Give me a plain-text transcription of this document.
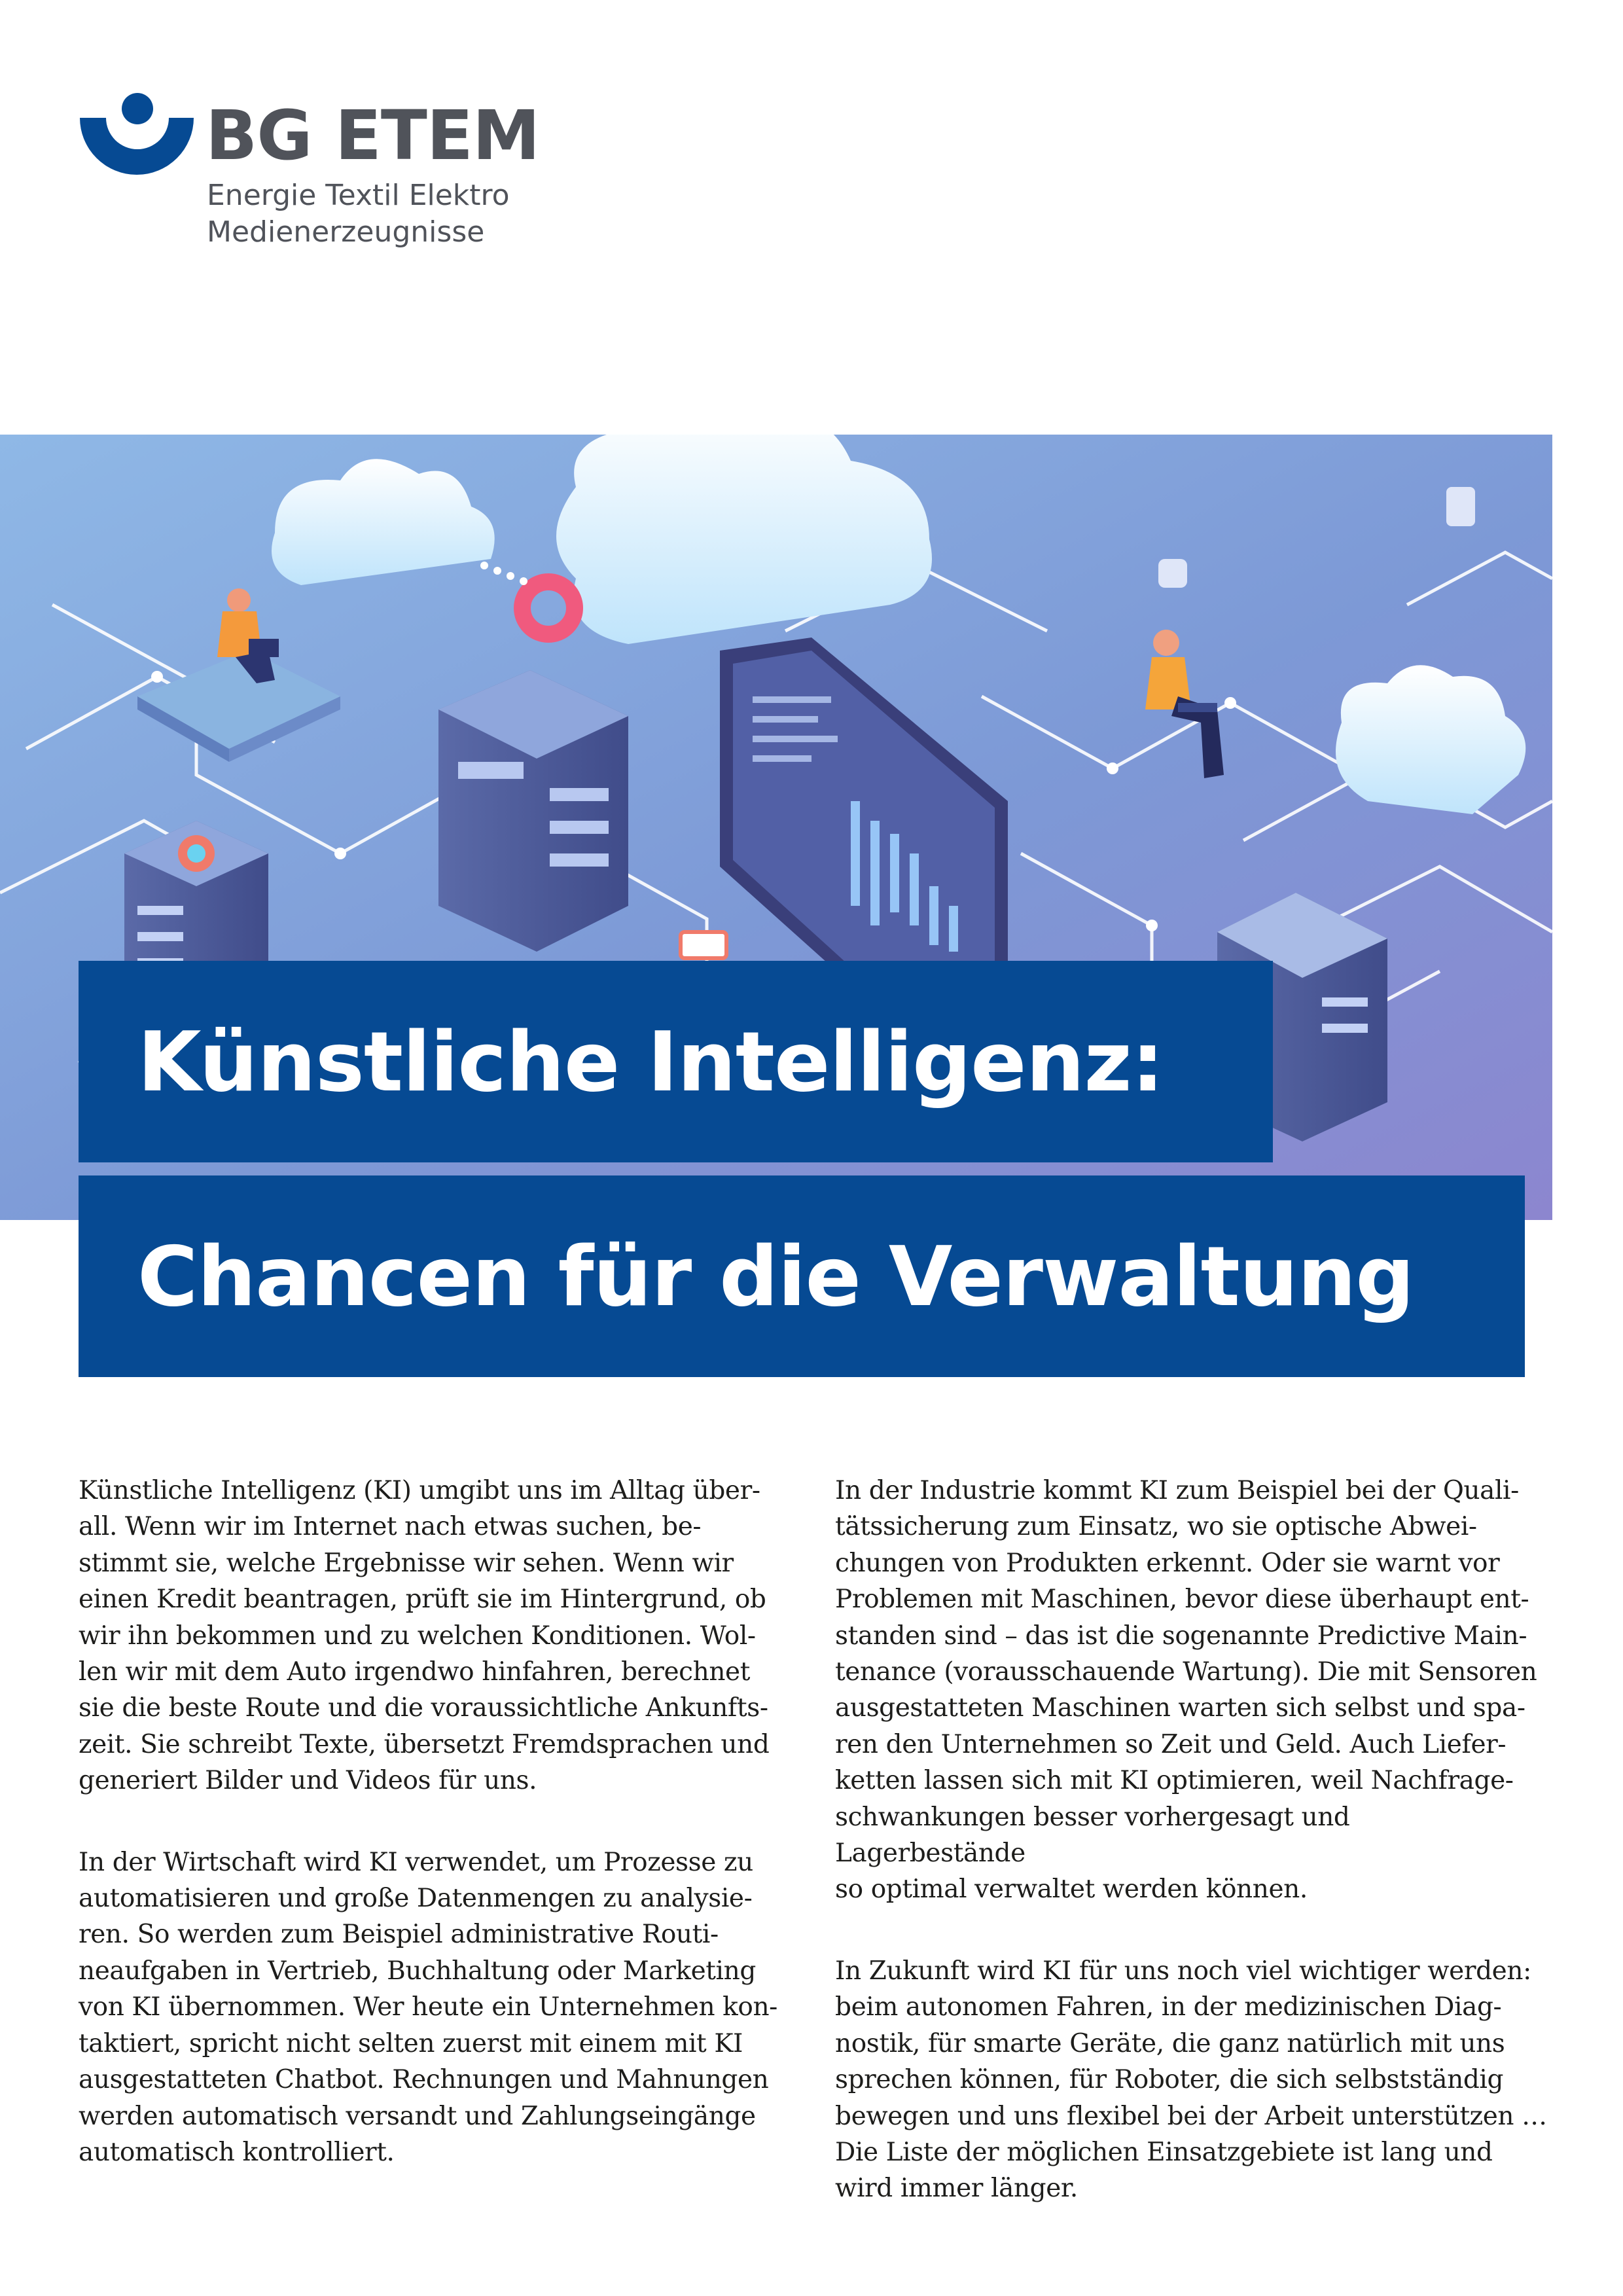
BG ETEM

Energie Textil Elektro

Medienerzeugnisse

Künstliche Intelligenz:
Chancen für die Verwaltung

Künstliche Intelligenz (KI) umgibt uns im Alltag über-
all. Wenn wir im Internet nach etwas suchen, be-
stimmt sie, welche Ergebnisse wir sehen. Wenn wir
einen Kredit beantragen, prüft sie im Hintergrund, ob
wir ihn bekommen und zu welchen Konditionen. Wol-
len wir mit dem Auto irgendwo hinfahren, berechnet
sie die beste Route und die voraussichtliche Ankunfts-
zeit. Sie schreibt Texte, übersetzt Fremdsprachen und
generiert Bilder und Videos für uns.

In der Wirtschaft wird KI verwendet, um Prozesse zu
automatisieren und große Datenmengen zu analysie-
ren. So werden zum Beispiel administrative Routi-
neaufgaben in Vertrieb, Buchhaltung oder Marketing
von KI übernommen. Wer heute ein Unternehmen kon-
taktiert, spricht nicht selten zuerst mit einem mit KI
ausgestatteten Chatbot. Rechnungen und Mahnungen
werden automatisch versandt und Zahlungseingänge
automatisch kontrolliert.

In der Industrie kommt KI zum Beispiel bei der Quali-
tätssicherung zum Einsatz, wo sie optische Abwei-
chungen von Produkten erkennt. Oder sie warnt vor
Problemen mit Maschinen, bevor diese überhaupt ent-
standen sind – das ist die sogenannte Predictive Main-
tenance (vorausschauende Wartung). Die mit Sensoren
ausgestatteten Maschinen warten sich selbst und spa-
ren den Unternehmen so Zeit und Geld. Auch Liefer-
ketten lassen sich mit KI optimieren, weil Nachfrage-
schwankungen besser vorhergesagt und Lagerbestände
so optimal verwaltet werden können.

In Zukunft wird KI für uns noch viel wichtiger werden:
beim autonomen Fahren, in der medizinischen Diag-
nostik, für smarte Geräte, die ganz natürlich mit uns
sprechen können, für Roboter, die sich selbstständig
bewegen und uns flexibel bei der Arbeit unterstützen …
Die Liste der möglichen Einsatzgebiete ist lang und
wird immer länger.
